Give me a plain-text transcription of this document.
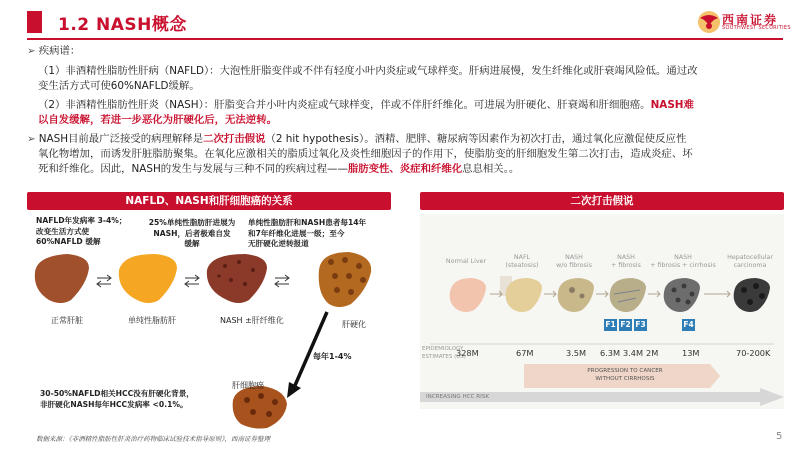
1.2 NASH概念	西南证券
SOUTHWEST SECURITIES
➢ 疾病谱：
（1）非酒精性脂肪性肝病（NAFLD）：大泡性肝脂变伴或不伴有轻度小叶内炎症或气球样变。肝病进展慢，发生纤维化或肝衰竭风险低。通过改
变生活方式可使60%NAFLD缓解。
（2）非酒精性脂肪性肝炎（NASH）：肝脂变合并小叶内炎症或气球样变，伴或不伴肝纤维化。可进展为肝硬化、肝衰竭和肝细胞癌。NASH难
以自发缓解，若进一步恶化为肝硬化后，无法逆转。
➢ NASH目前最广泛接受的病理解释是二次打击假说（2 hit hypothesis）。酒精、肥胖、糖尿病等因素作为初次打击，通过氧化应激促使反应性
氧化物增加，而诱发肝脏脂肪聚集。在氧化应激相关的脂质过氧化及炎性细胞因子的作用下，使脂肪变的肝细胞发生第二次打击，造成炎症、坏
死和纤维化。因此，NASH的发生与发展与三种不同的疾病过程——脂肪变性、炎症和纤维化息息相关。。
NAFLD、NASH和肝细胞癌的关系	二次打击假说
NAFLD年发病率 3-4%；
改变生活方式使
60%NAFLD 缓解
25%单纯性脂肪肝进展为
NASH，后者极难自发
缓解
单纯性脂肪肝和NASH患者每14年
和7年纤维化进展一级；至今
无肝硬化逆转报道
正常肝脏	单纯性脂肪肝	NASH ±肝纤维化	肝硬化
每年1-4%
肝细胞癌
30-50%NAFLD相关HCC没有肝硬化背景，
非肝硬化NASH每年HCC发病率 <0.1%。
Normal Liver
NAFL
(steatosis)
NASH
w/o fibrosis
NASH
+ fibrosis
NASH
+ fibrosis + cirrhosis
Hepatocellular
carcinoma
F1 F2 F3	F4
EPIDEMIOLOGY
ESTIMATES (US)
328M	67M	3.5M 6.3M 3.4M 2M	13M	70-200K
PROGRESSION TO CANCER
WITHOUT CIRRHOSIS
INCREASING HCC RISK
数据来源：《非酒精性脂肪性肝炎治疗药物临床试验技术指导原则》，西南证券整理	5
